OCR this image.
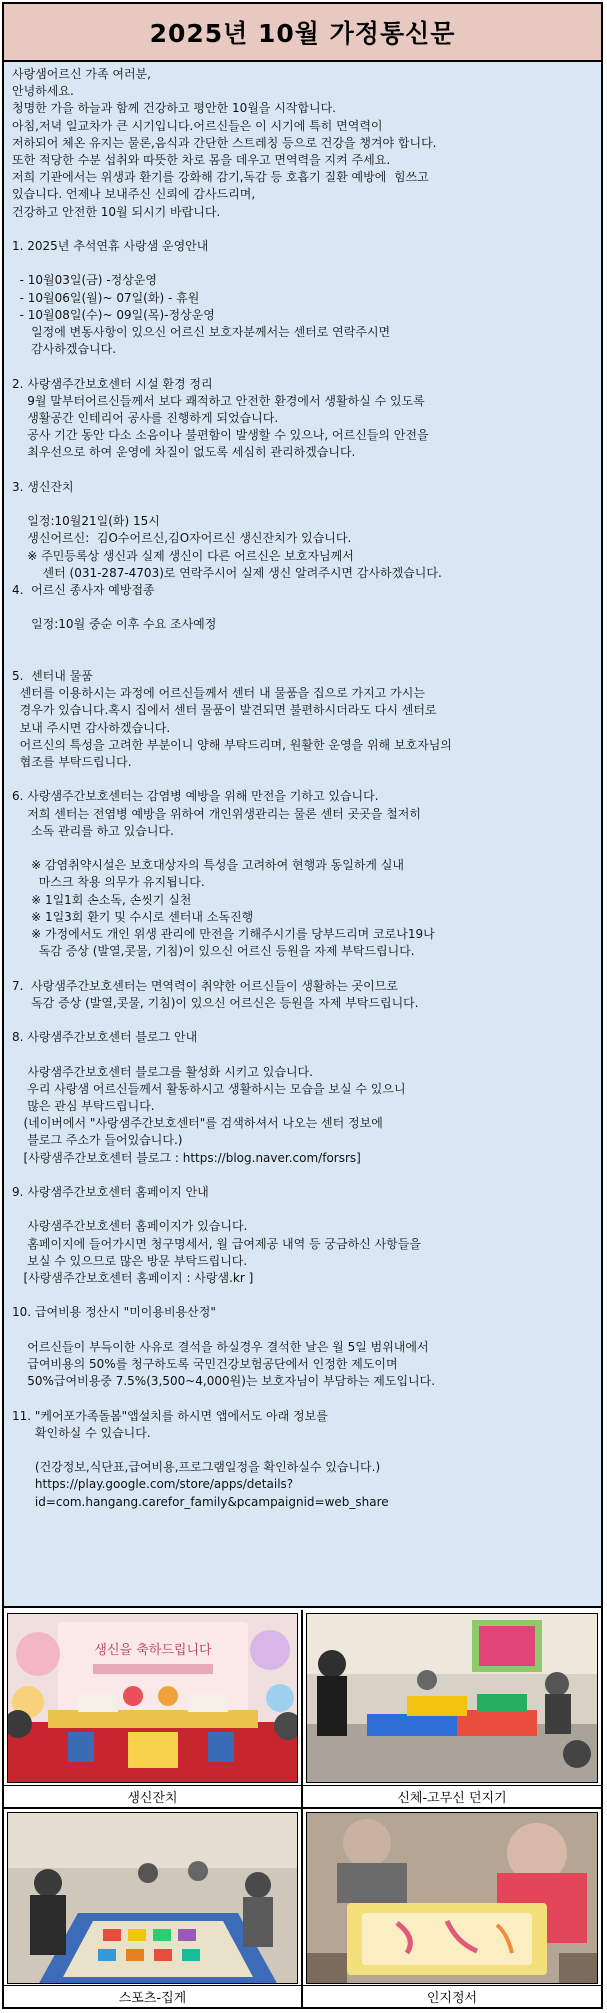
2025년 10월 가정통신문
사랑샘어르신 가족 여러분,
안녕하세요.
청명한 가을 하늘과 함께 건강하고 평안한 10월을 시작합니다.
아침,저녁 일교차가 큰 시기입니다.어르신들은 이 시기에 특히 면역력이
저하되어 체온 유지는 물론,음식과 간단한 스트레칭 등으로 건강을 챙겨야 합니다.
또한 적당한 수분 섭취와 따뜻한 차로 몸을 데우고 면역력을 지켜 주세요.
저희 기관에서는 위생과 환기를 강화해 감기,독감 등 호흡기 질환 예방에  힘쓰고
있습니다. 언제나 보내주신 신뢰에 감사드리며,
건강하고 안전한 10월 되시기 바랍니다.
1. 2025년 추석연휴 사랑샘 운영안내
- 10월03일(금) -정상운영
- 10월06일(월)~ 07일(화) - 휴원
- 10월08일(수)~ 09일(목)-정상운영
일정에 변동사항이 있으신 어르신 보호자분께서는 센터로 연락주시면
감사하겠습니다.
2. 사랑샘주간보호센터 시설 환경 정리
9월 말부터어르신들께서 보다 쾌적하고 안전한 환경에서 생활하실 수 있도록
생활공간 인테리어 공사를 진행하게 되었습니다.
공사 기간 동안 다소 소음이나 불편함이 발생할 수 있으나, 어르신들의 안전을
최우선으로 하여 운영에 차질이 없도록 세심히 관리하겠습니다.
3. 생신잔치
일정:10월21일(화) 15시
생신어르신:  김O수어르신,김O자어르신 생신잔치가 있습니다.
※ 주민등록상 생신과 실제 생신이 다른 어르신은 보호자님께서
센터 (031-287-4703)로 연락주시어 실제 생신 알려주시면 감사하겠습니다.
4.  어르신 종사자 예방접종
일정:10월 중순 이후 수요 조사예정
5.  센터내 물품
센터를 이용하시는 과정에 어르신들께서 센터 내 물품을 집으로 가지고 가시는
경우가 있습니다.혹시 집에서 센터 물품이 발견되면 불편하시더라도 다시 센터로
보내 주시면 감사하겠습니다.
어르신의 특성을 고려한 부분이니 양해 부탁드리며, 원활한 운영을 위해 보호자님의
협조를 부탁드립니다.
6. 사랑샘주간보호센터는 감염병 예방을 위해 만전을 기하고 있습니다.
저희 센터는 전염병 예방을 위하여 개인위생관리는 물론 센터 곳곳을 철저히
소독 관리를 하고 있습니다.
※ 감염취약시설은 보호대상자의 특성을 고려하여 현행과 동일하게 실내
마스크 착용 의무가 유지됩니다.
※ 1일1회 손소독, 손씻기 실천
※ 1일3회 환기 및 수시로 센터내 소독진행
※ 가정에서도 개인 위생 관리에 만전을 기해주시기를 당부드리며 코로나19나
독감 증상 (발열,콧물, 기침)이 있으신 어르신 등원을 자제 부탁드립니다.
7.  사랑샘주간보호센터는 면역력이 취약한 어르신들이 생활하는 곳이므로
독감 증상 (발열,콧물, 기침)이 있으신 어르신은 등원을 자제 부탁드립니다.
8. 사랑샘주간보호센터 블로그 안내
사랑샘주간보호센터 블로그를 활성화 시키고 있습니다.
우리 사랑샘 어르신들께서 활동하시고 생활하시는 모습을 보실 수 있으니
많은 관심 부탁드립니다.
(네이버에서 "사랑샘주간보호센터"를 검색하셔서 나오는 센터 정보에
블로그 주소가 들어있습니다.)
[사랑샘주간보호센터 블로그 : https://blog.naver.com/forsrs]
9. 사랑샘주간보호센터 홈페이지 안내
사랑샘주간보호센터 홈페이지가 있습니다.
홈페이지에 들어가시면 청구명세서, 월 급여제공 내역 등 궁금하신 사항들을
보실 수 있으므로 많은 방문 부탁드립니다.
[사랑샘주간보호센터 홈페이지 : 사랑샘.kr ]
10. 급여비용 정산시 "미이용비용산정"
어르신들이 부득이한 사유로 결석을 하실경우 결석한 날은 월 5일 범위내에서
급여비용의 50%를 청구하도록 국민건강보험공단에서 인정한 제도이며
50%급여비용중 7.5%(3,500~4,000원)는 보호자님이 부담하는 제도입니다.
11. "케어포가족돌봄"앱설치를 하시면 앱에서도 아래 정보를
확인하실 수 있습니다.
(건강정보,식단표,급여비용,프로그램일정을 확인하실수 있습니다.)
https://play.google.com/store/apps/details?
id=com.hangang.carefor_family&pcampaignid=web_share
생신을 축하드립니다
생신잔치	신체-고무신 던지기
스포츠-집게	인지정서
